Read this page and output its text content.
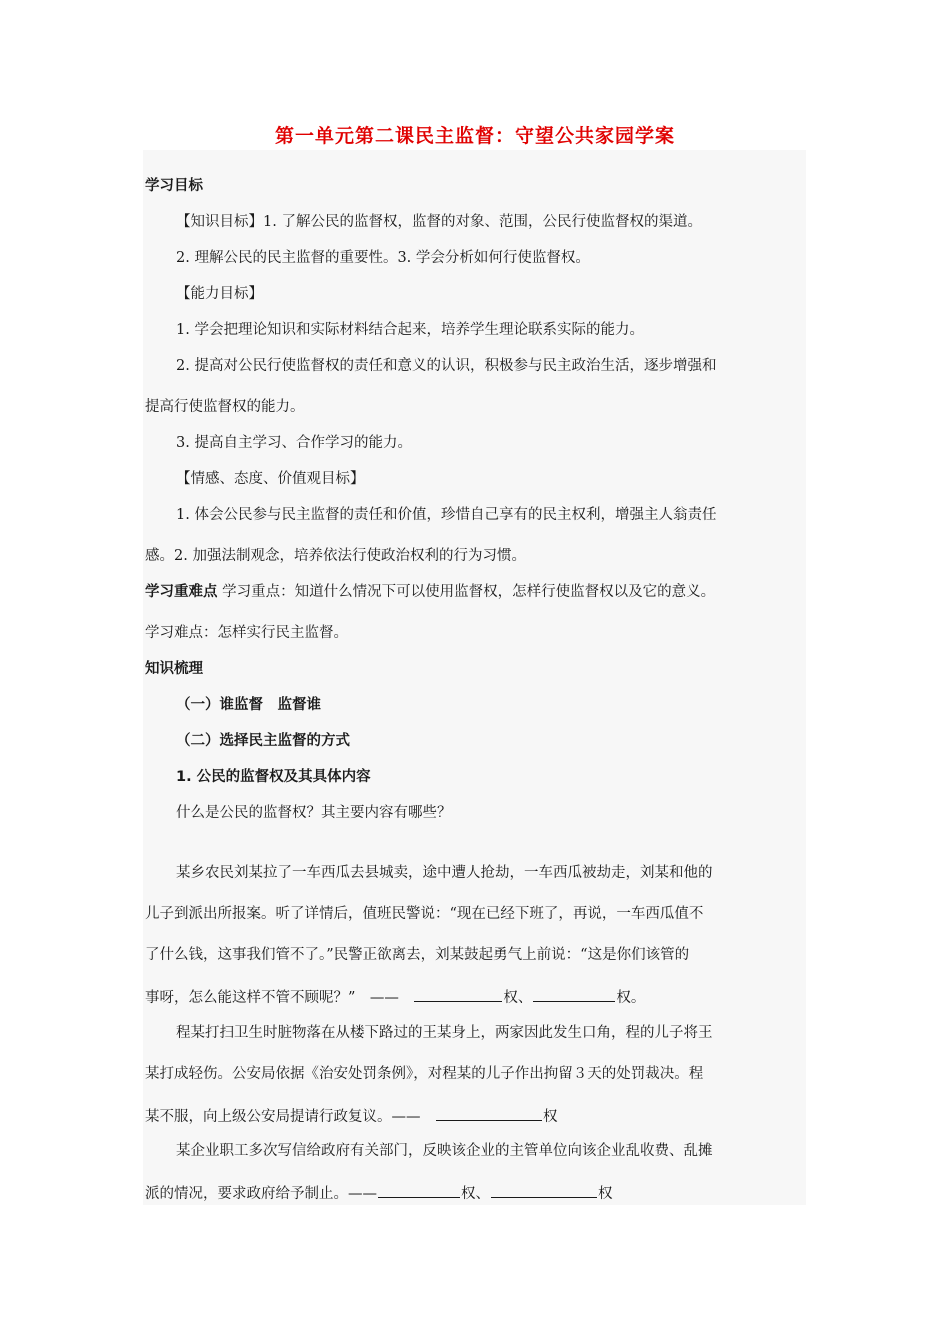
第一单元第二课民主监督：守望公共家园学案
学习目标
【知识目标】1. 了解公民的监督权，监督的对象、范围，公民行使监督权的渠道。
2. 理解公民的民主监督的重要性。3. 学会分析如何行使监督权。
【能力目标】
1. 学会把理论知识和实际材料结合起来，培养学生理论联系实际的能力。
2. 提高对公民行使监督权的责任和意义的认识，积极参与民主政治生活，逐步增强和
提高行使监督权的能力。
3. 提高自主学习、合作学习的能力。
【情感、态度、价值观目标】
1. 体会公民参与民主监督的责任和价值，珍惜自己享有的民主权利，增强主人翁责任
感。2. 加强法制观念，培养依法行使政治权利的行为习惯。
学习重难点 学习重点：知道什么情况下可以使用监督权，怎样行使监督权以及它的意义。
学习难点：怎样实行民主监督。
知识梳理
（一）谁监督　监督谁
（二）选择民主监督的方式
1. 公民的监督权及其具体内容
什么是公民的监督权？其主要内容有哪些？
某乡农民刘某拉了一车西瓜去县城卖，途中遭人抢劫，一车西瓜被劫走，刘某和他的
儿子到派出所报案。听了详情后，值班民警说：“现在已经下班了，再说，一车西瓜值不
了什么钱，这事我们管不了。”民警正欲离去，刘某鼓起勇气上前说：“这是你们该管的
事呀，怎么能这样不管不顾呢？”　——　	权、	权。
程某打扫卫生时脏物落在从楼下路过的王某身上，两家因此发生口角，程的儿子将王
某打成轻伤。公安局依据《治安处罚条例》，对程某的儿子作出拘留３天的处罚裁决。程
某不服，向上级公安局提请行政复议。——　	权
某企业职工多次写信给政府有关部门，反映该企业的主管单位向该企业乱收费、乱摊
派的情况，要求政府给予制止。——	权、	权
